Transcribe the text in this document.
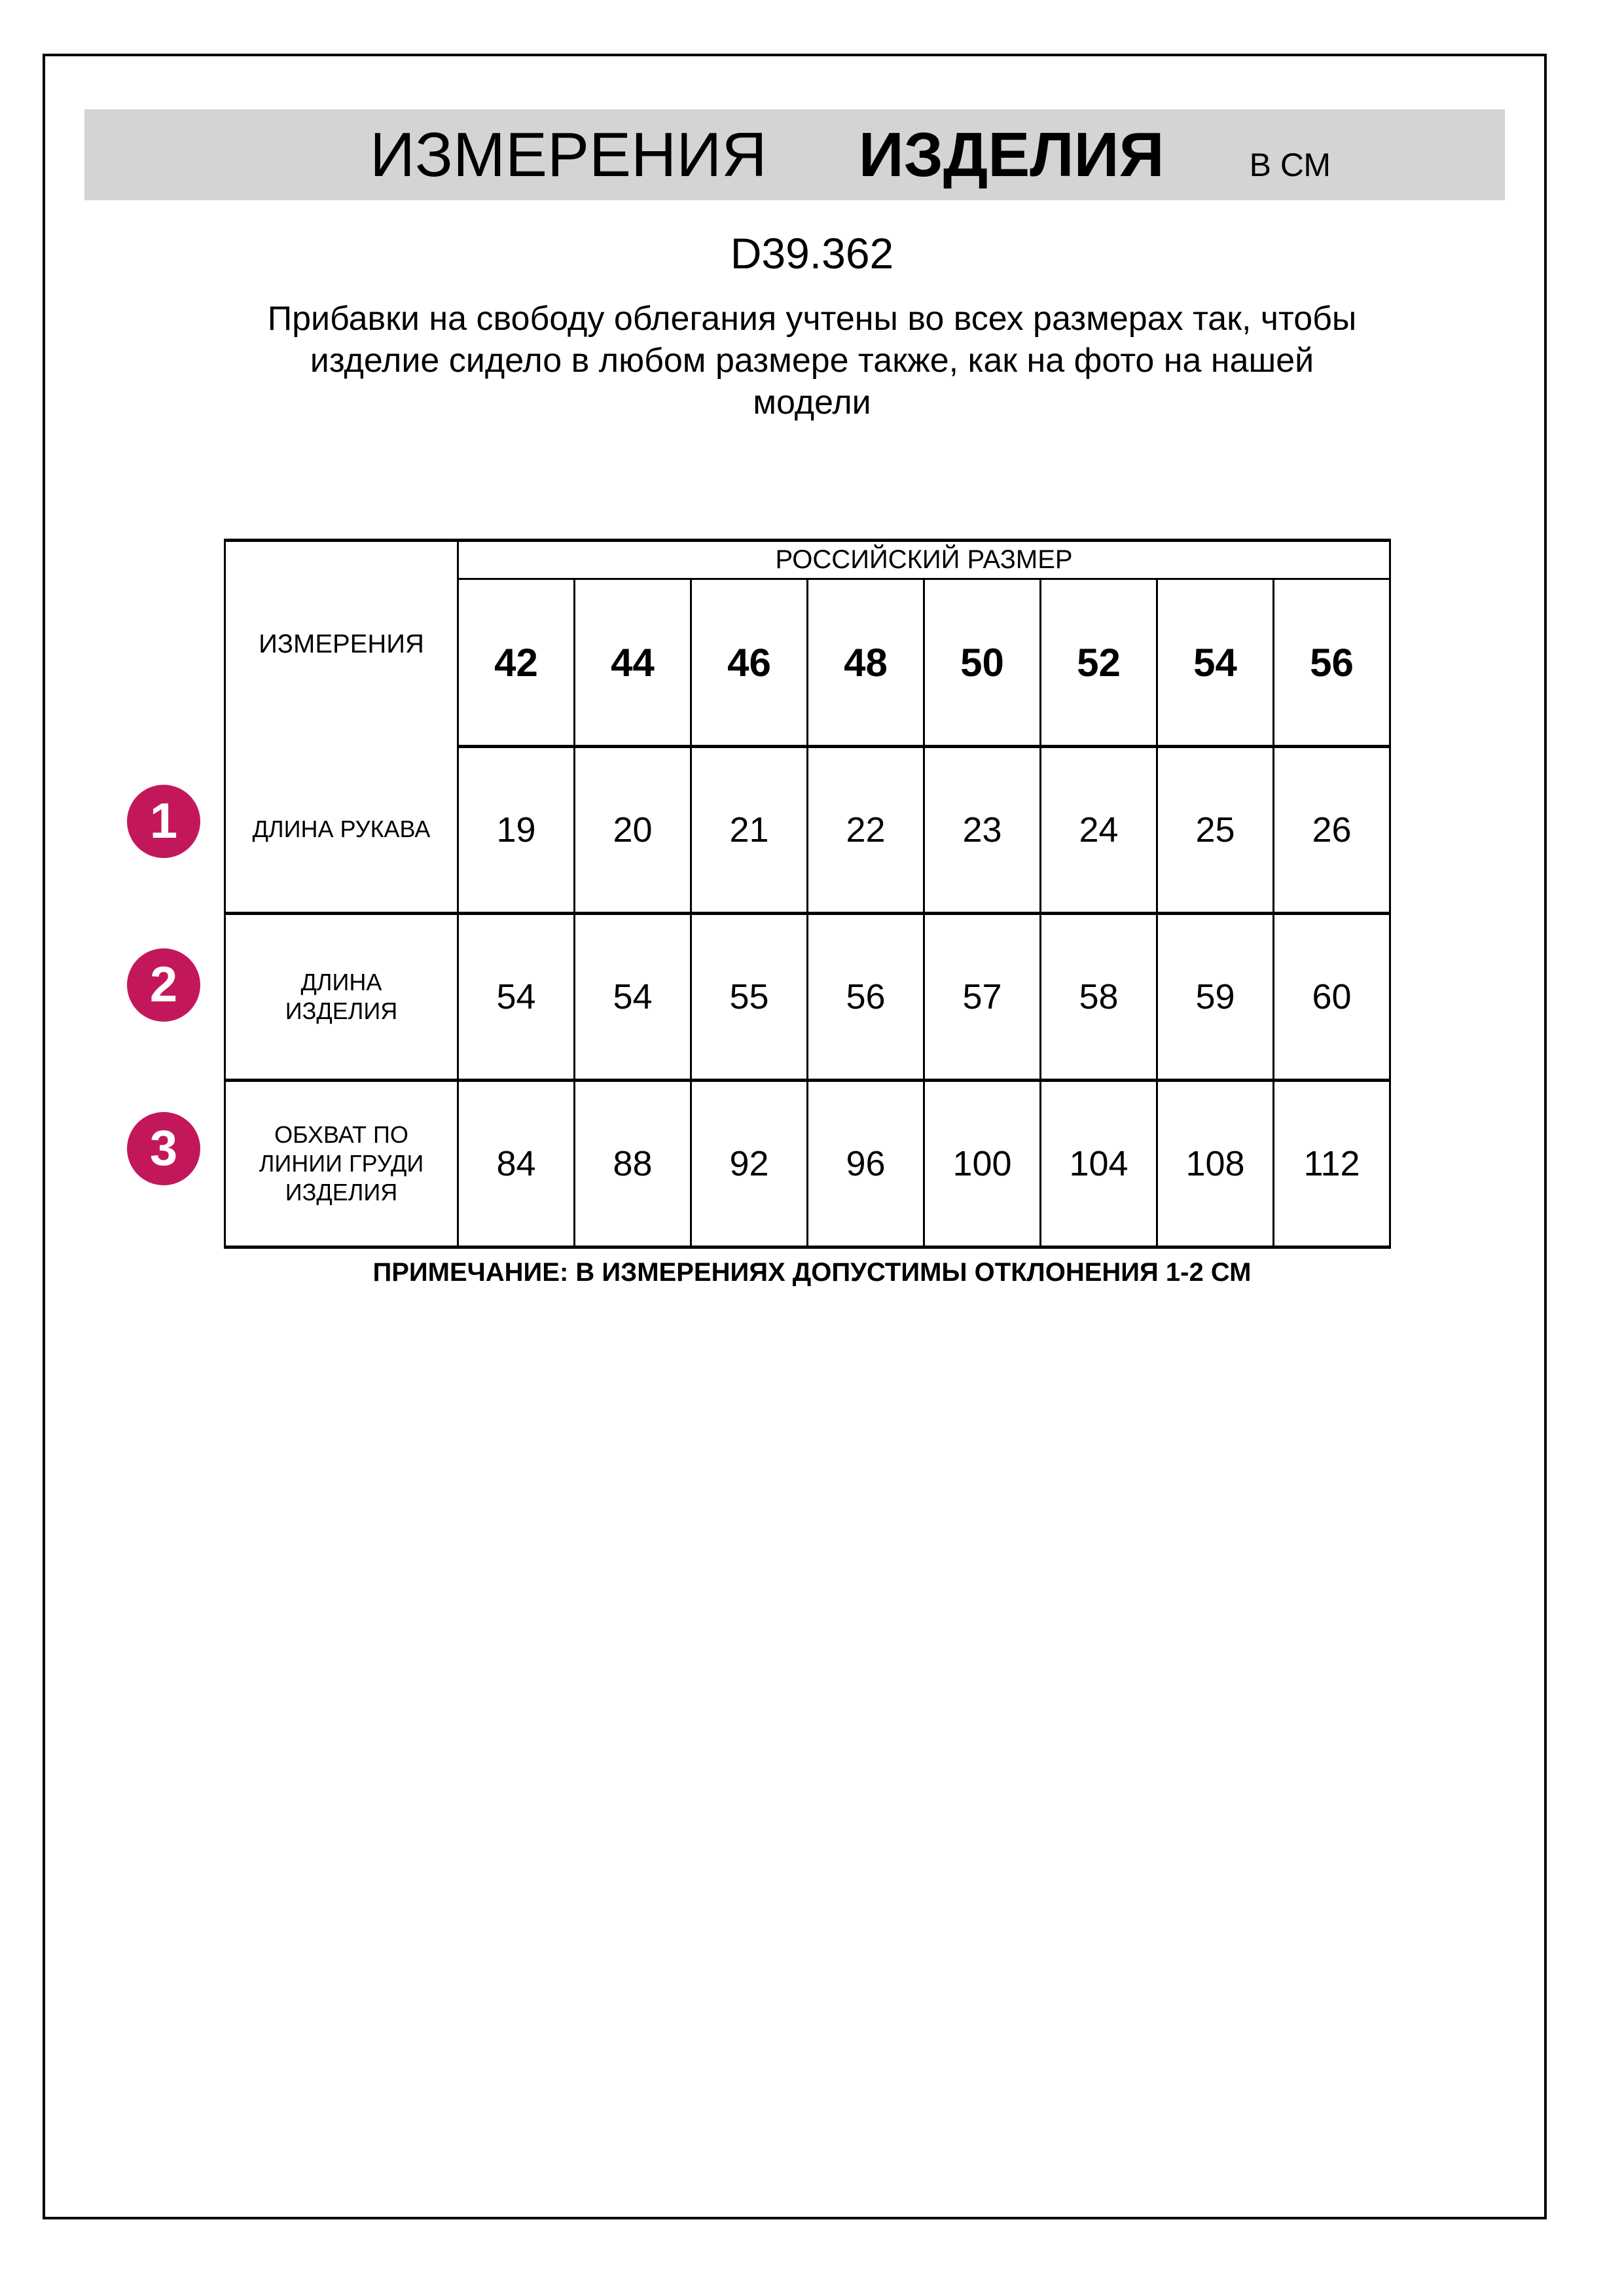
ИЗМЕРЕНИЯ ИЗДЕЛИЯ	В СМ
D39.362
Прибавки на свободу облегания учтены во всех размерах так, чтобы
изделие сидело в любом размере также, как на фото на нашей
модели
ИЗМЕРЕНИЯ	РОССИЙСКИЙ РАЗМЕР							
	42	44	46	48	50	52	54	56

ДЛИНА РУКАВА	19	20	21	22	23	24	25	26

ДЛИНА
ИЗДЕЛИЯ	54	54	55	56	57	58	59	60

ОБХВАТ ПО
ЛИНИИ ГРУДИ
ИЗДЕЛИЯ	84	88	92	96	100	104	108	112
1
2
3
ПРИМЕЧАНИЕ: В ИЗМЕРЕНИЯХ ДОПУСТИМЫ ОТКЛОНЕНИЯ 1-2 СМ
